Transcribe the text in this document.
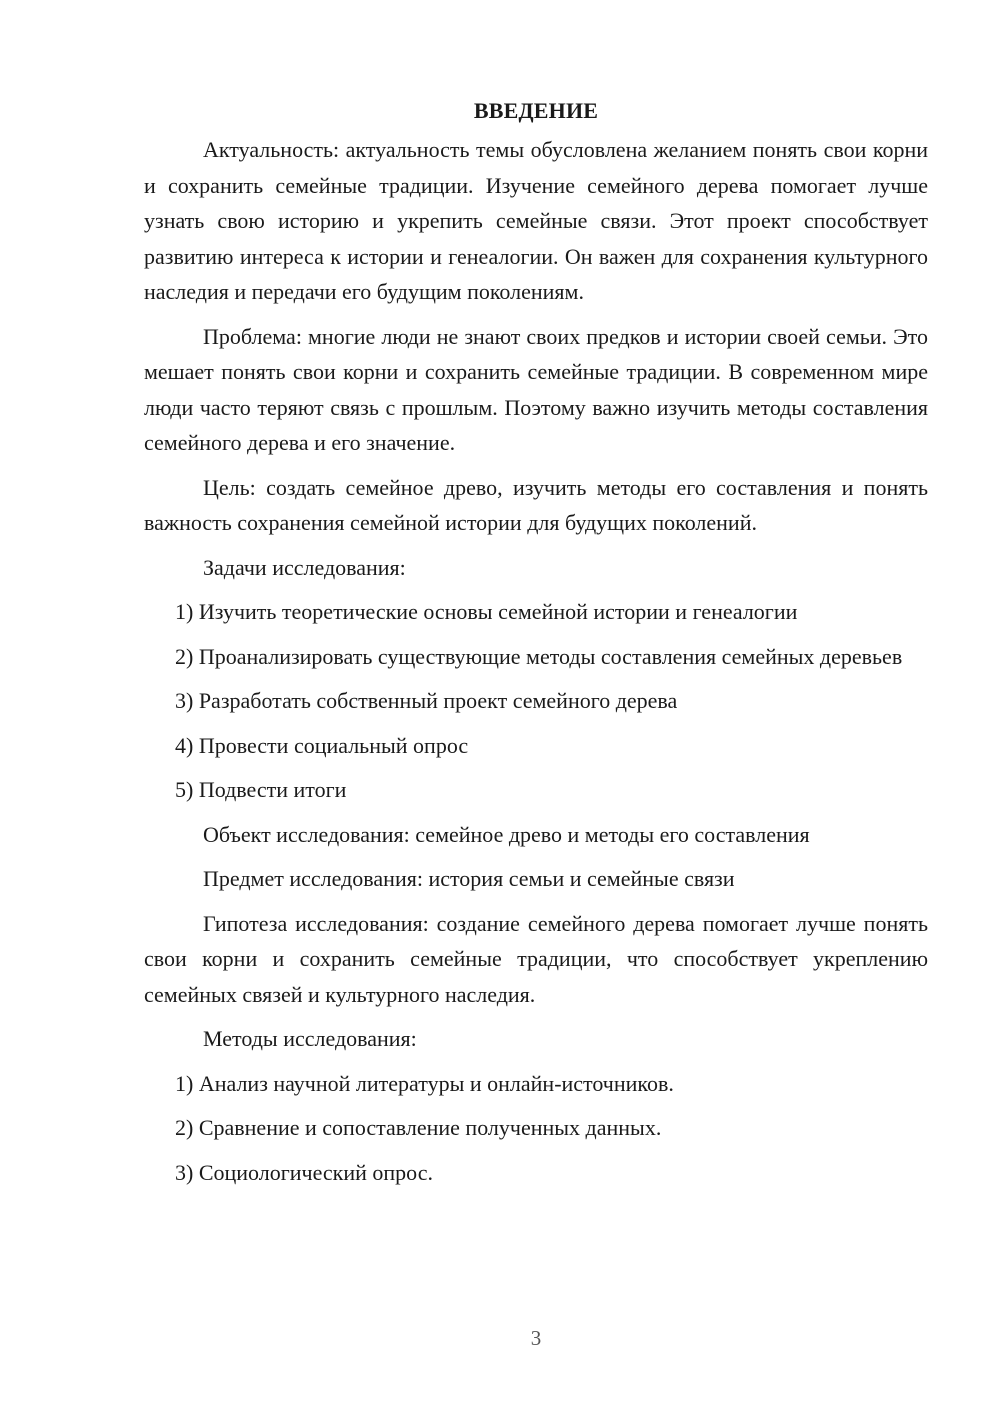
ВВЕДЕНИЕ

Актуальность: актуальность темы обусловлена желанием понять свои корни и сохранить семейные традиции. Изучение семейного дерева помогает лучше узнать свою историю и укрепить семейные связи. Этот проект способствует развитию интереса к истории и генеалогии. Он важен для сохранения культурного наследия и передачи его будущим поколениям.

Проблема: многие люди не знают своих предков и истории своей семьи. Это мешает понять свои корни и сохранить семейные традиции. В современном мире люди часто теряют связь с прошлым. Поэтому важно изучить методы составления семейного дерева и его значение.

Цель: создать семейное древо, изучить методы его составления и понять важность сохранения семейной истории для будущих поколений.

Задачи исследования:

1) Изучить теоретические основы семейной истории и генеалогии

2) Проанализировать существующие методы составления семейных деревьев

3) Разработать собственный проект семейного дерева

4) Провести социальный опрос

5) Подвести итоги

Объект исследования: семейное древо и методы его составления

Предмет исследования: история семьи и семейные связи

Гипотеза исследования: создание семейного дерева помогает лучше понять свои корни и сохранить семейные традиции, что способствует укреплению семейных связей и культурного наследия.

Методы исследования:

1) Анализ научной литературы и онлайн-источников.

2) Сравнение и сопоставление полученных данных.

3) Социологический опрос.

3
